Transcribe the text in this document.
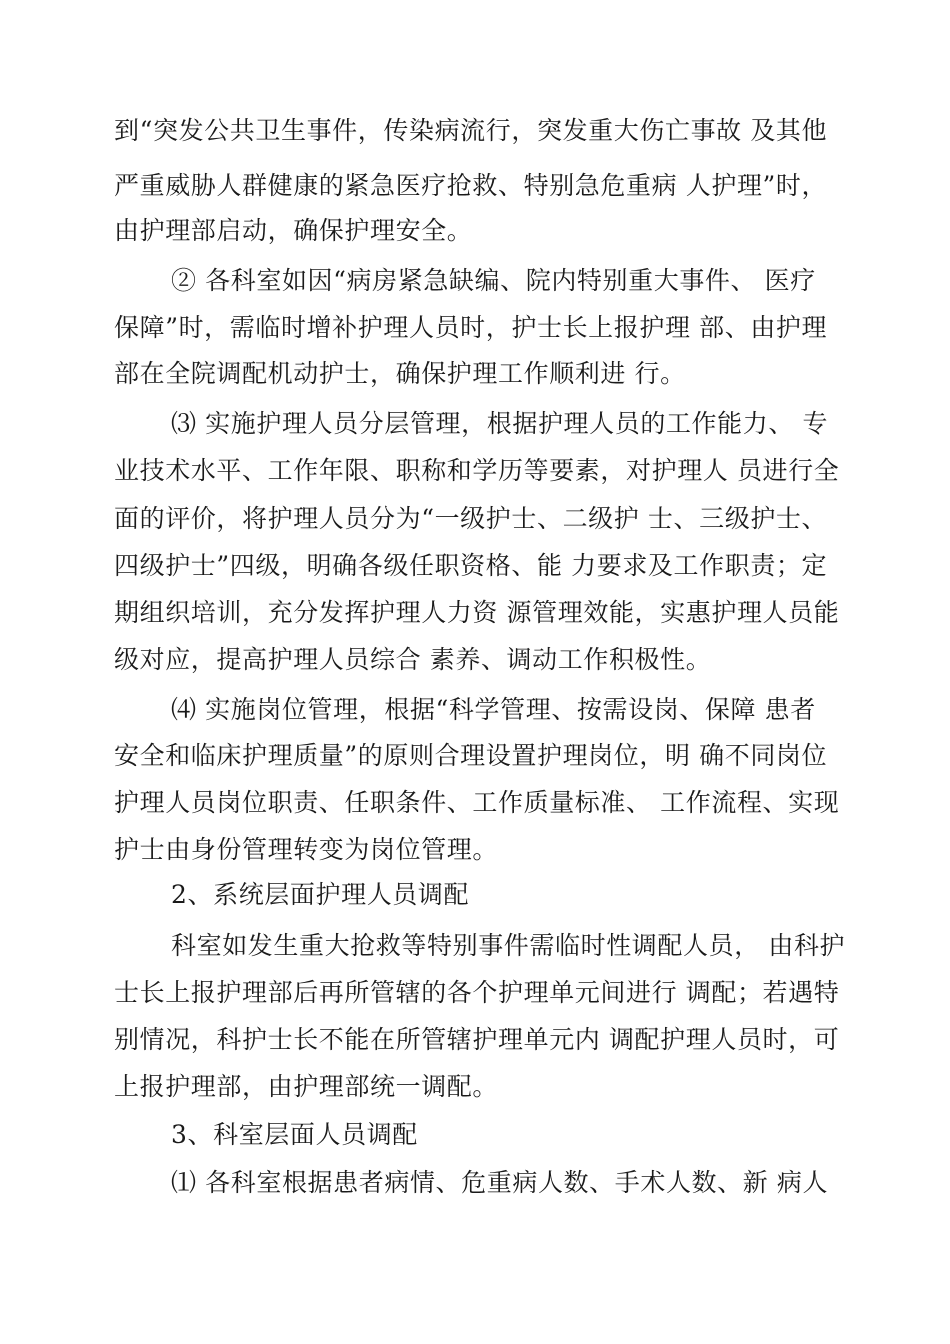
到“突发公共卫生事件，传染病流行，突发重大伤亡事故 及其他
严重威胁人群健康的紧急医疗抢救、特别急危重病 人护理”时，
由护理部启动，确保护理安全。
② 各科室如因“病房紧急缺编、院内特别重大事件、 医疗
保障”时，需临时增补护理人员时，护士长上报护理 部、由护理
部在全院调配机动护士，确保护理工作顺利进 行。
⑶ 实施护理人员分层管理，根据护理人员的工作能力、 专
业技术水平、工作年限、职称和学历等要素，对护理人 员进行全
面的评价，将护理人员分为“一级护士、二级护 士、三级护士、
四级护士”四级，明确各级任职资格、能 力要求及工作职责；定
期组织培训，充分发挥护理人力资 源管理效能，实惠护理人员能
级对应，提高护理人员综合 素养、调动工作积极性。
⑷ 实施岗位管理，根据“科学管理、按需设岗、保障 患者
安全和临床护理质量”的原则合理设置护理岗位，明 确不同岗位
护理人员岗位职责、任职条件、工作质量标准、 工作流程、实现
护士由身份管理转变为岗位管理。
2、系统层面护理人员调配
科室如发生重大抢救等特别事件需临时性调配人员， 由科护
士长上报护理部后再所管辖的各个护理单元间进行 调配；若遇特
别情况，科护士长不能在所管辖护理单元内 调配护理人员时，可
上报护理部，由护理部统一调配。
3、科室层面人员调配
⑴ 各科室根据患者病情、危重病人数、手术人数、新 病人
